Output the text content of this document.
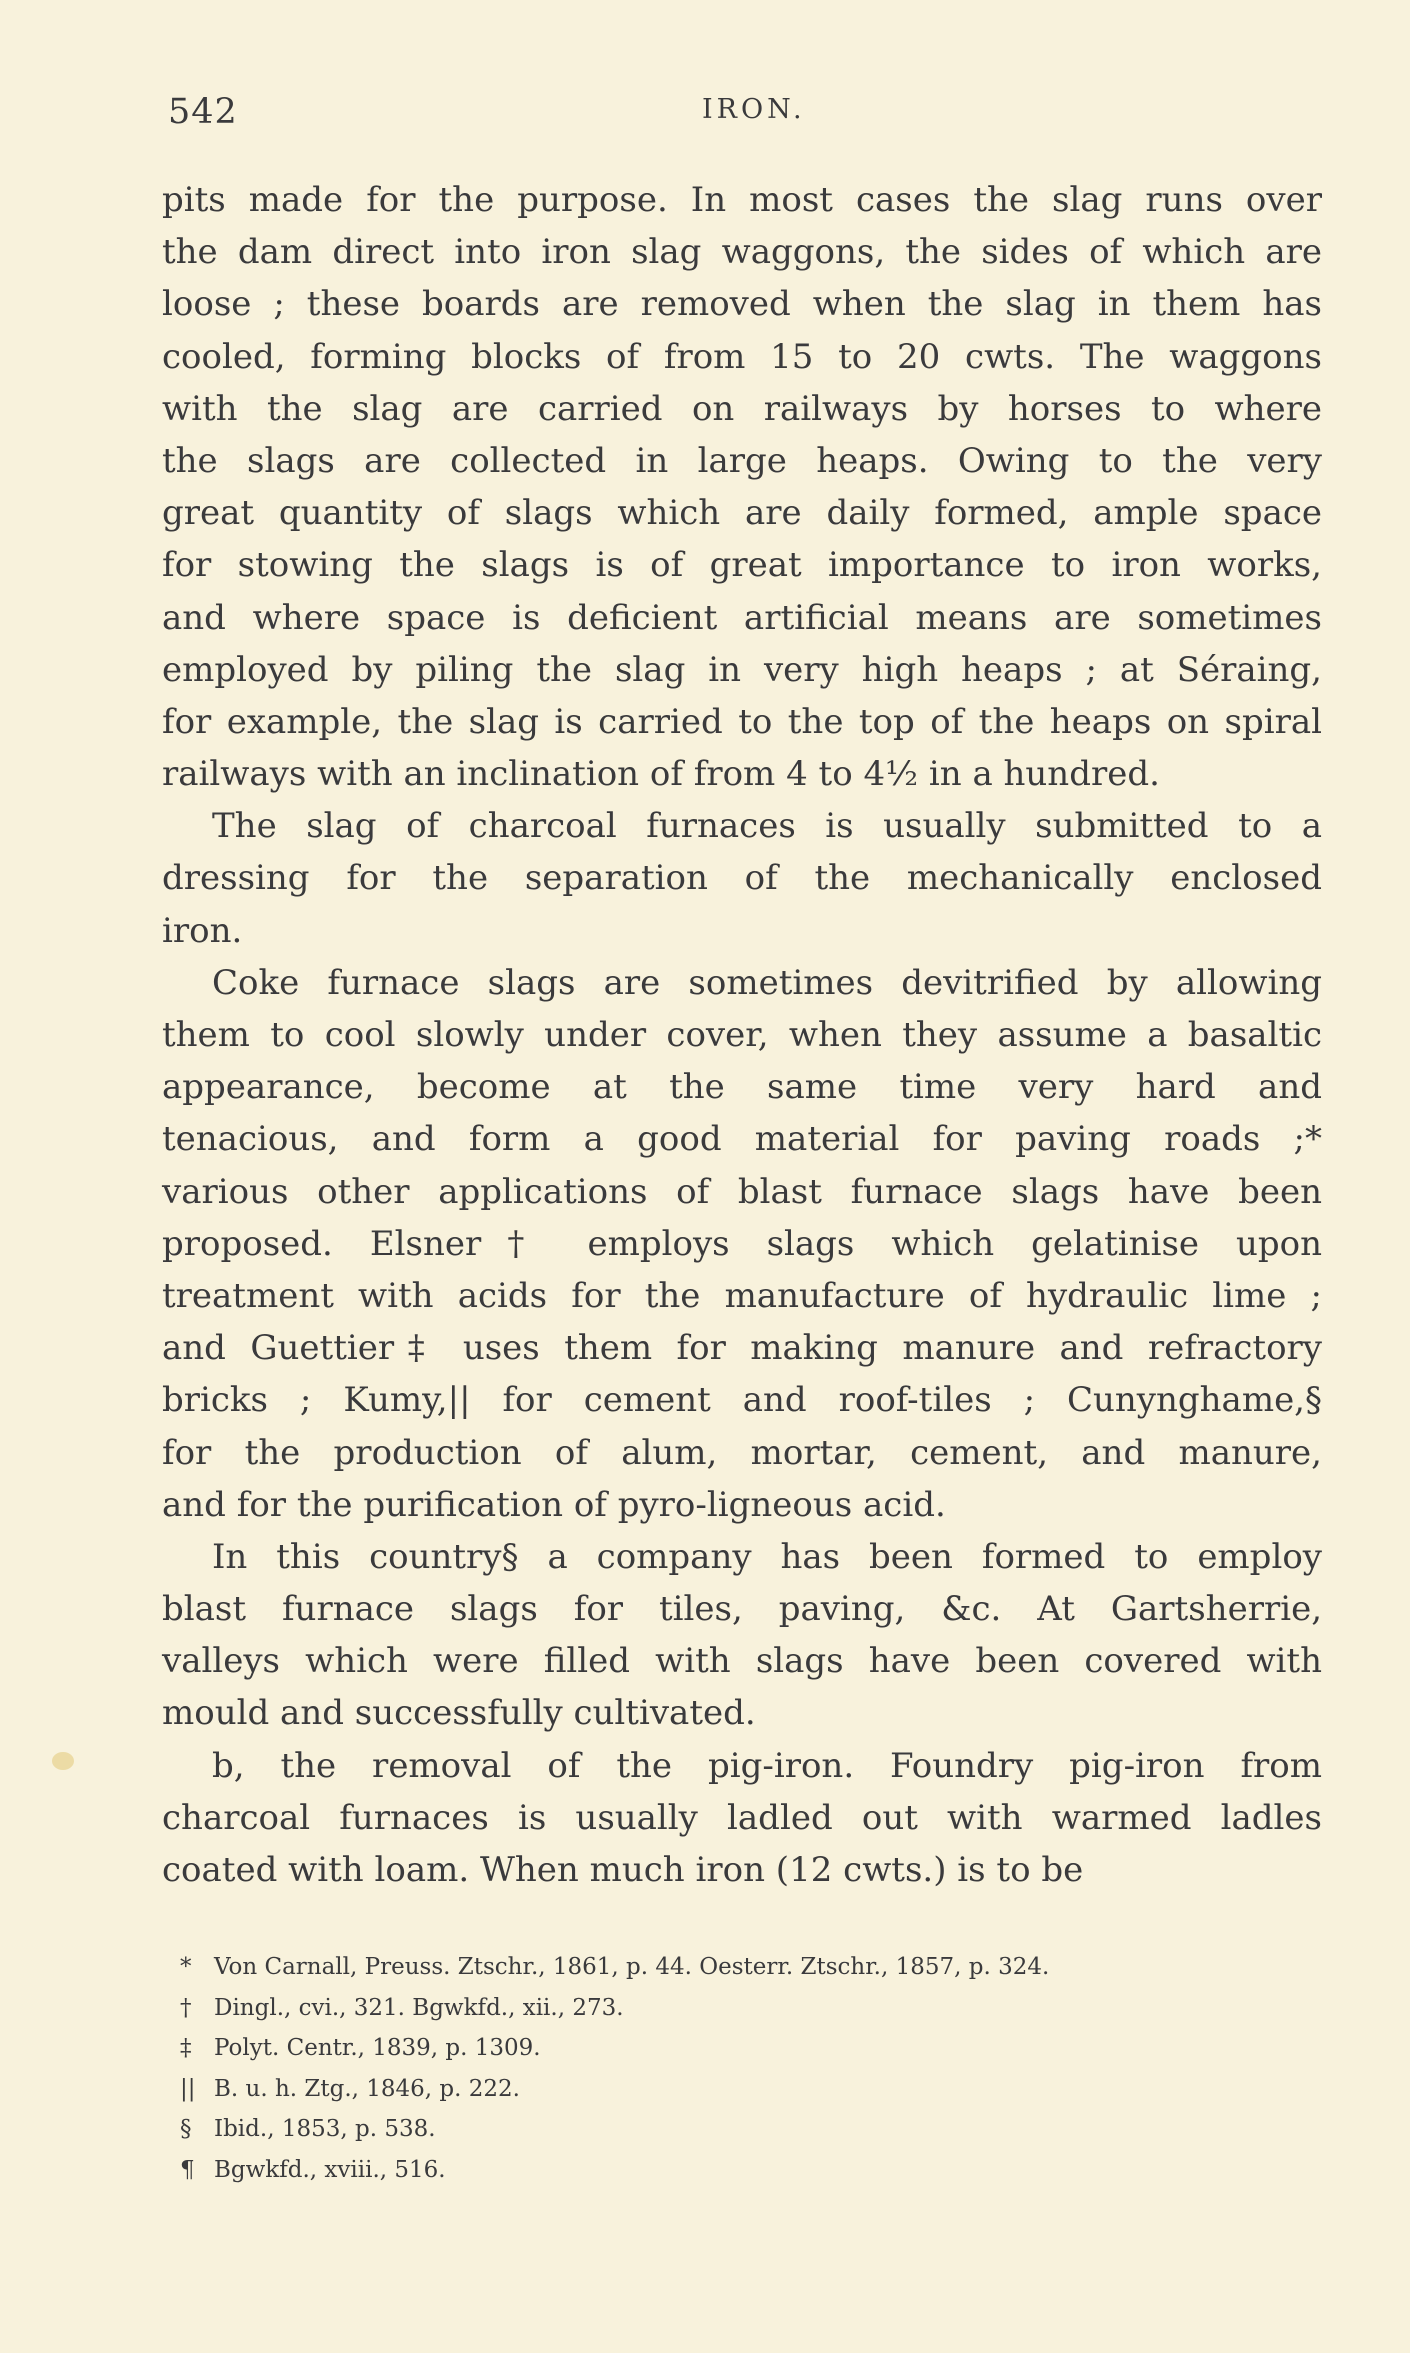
542	IRON.
pits made for the purpose. In most cases the slag runs over
the dam direct into iron slag waggons, the sides of which are
loose ; these boards are removed when the slag in them has
cooled, forming blocks of from 15 to 20 cwts. The waggons
with the slag are carried on railways by horses to where
the slags are collected in large heaps. Owing to the very
great quantity of slags which are daily formed, ample space
for stowing the slags is of great importance to iron works,
and where space is deficient artificial means are sometimes
employed by piling the slag in very high heaps ; at Séraing,
for example, the slag is carried to the top of the heaps on spiral
railways with an inclination of from 4 to 4½ in a hundred.
The slag of charcoal furnaces is usually submitted to a
dressing for the separation of the mechanically enclosed
iron.
Coke furnace slags are sometimes devitrified by allowing
them to cool slowly under cover, when they assume a basaltic
appearance, become at the same time very hard and
tenacious, and form a good material for paving roads ;*
various other applications of blast furnace slags have been
proposed. Elsner† employs slags which gelatinise upon
treatment with acids for the manufacture of hydraulic lime ;
and Guettier‡ uses them for making manure and refractory
bricks ; Kumy,|| for cement and roof-tiles ; Cunynghame,§
for the production of alum, mortar, cement, and manure,
and for the purification of pyro-ligneous acid.
In this country§ a company has been formed to employ
blast furnace slags for tiles, paving, &c. At Gartsherrie,
valleys which were filled with slags have been covered with
mould and successfully cultivated.
b, the removal of the pig-iron. Foundry pig-iron from
charcoal furnaces is usually ladled out with warmed ladles
coated with loam. When much iron (12 cwts.) is to be
* Von Carnall, Preuss. Ztschr., 1861, p. 44. Oesterr. Ztschr., 1857, p. 324.
† Dingl., cvi., 321. Bgwkfd., xii., 273.
‡ Polyt. Centr., 1839, p. 1309.
|| B. u. h. Ztg., 1846, p. 222.
§ Ibid., 1853, p. 538.
¶ Bgwkfd., xviii., 516.
